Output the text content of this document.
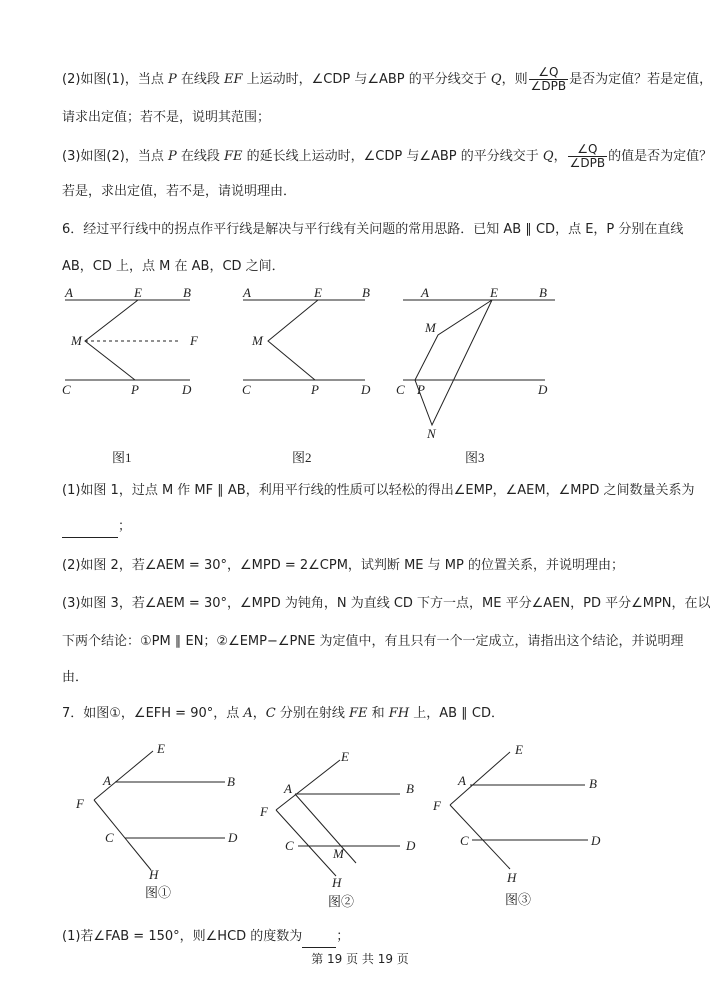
(2)如图(1)，当点 P 在线段 EF 上运动时，∠CDP 与∠ABP 的平分线交于 Q，则 $\frac{\angle Q}{\text{∠DPB}}$ 是否为定值？若是定值，
请求出定值；若不是，说明其范围；
(3)如图(2)，当点 P 在线段 FE 的延长线上运动时，∠CDP 与∠ABP 的平分线交于 Q， $\frac{\angle Q}{\text{∠DPB}}$ 的值是否为定值？
若是，求出定值，若不是，请说明理由．
6．经过平行线中的拐点作平行线是解决与平行线有关问题的常用思路．已知 AB ∥ CD，点 E，P 分别在直线
AB，CD 上，点 M 在 AB，CD 之间．
A	E	B
M	F
C	P	D
图1
A	E	B
M
C	P	D
图2
A	E	B
M
C P	D
N
图3
(1)如图 1，过点 M 作 MF ∥ AB，利用平行线的性质可以轻松的得出∠EMP，∠AEM，∠MPD 之间数量关系为
；
(2)如图 2，若∠AEM = 30°，∠MPD = 2∠CPM，试判断 ME 与 MP 的位置关系，并说明理由；
(3)如图 3，若∠AEM = 30°，∠MPD 为钝角，N 为直线 CD 下方一点，ME 平分∠AEN，PD 平分∠MPN，在以
下两个结论：①PM ∥ EN；②∠EMP−∠PNE 为定值中，有且只有一个一定成立，请指出这个结论，并说明理
由．
7．如图①，∠EFH = 90°，点 A，C 分别在射线 FE 和 FH 上，AB ∥ CD．
E
A	B
F
C	D
H
图①
E
A	B
F
C
M
D
H
图②
E
A	B
F
C	D
H
图③
(1)若∠FAB = 150°，则∠HCD 的度数为	；
第 19 页 共 19 页
